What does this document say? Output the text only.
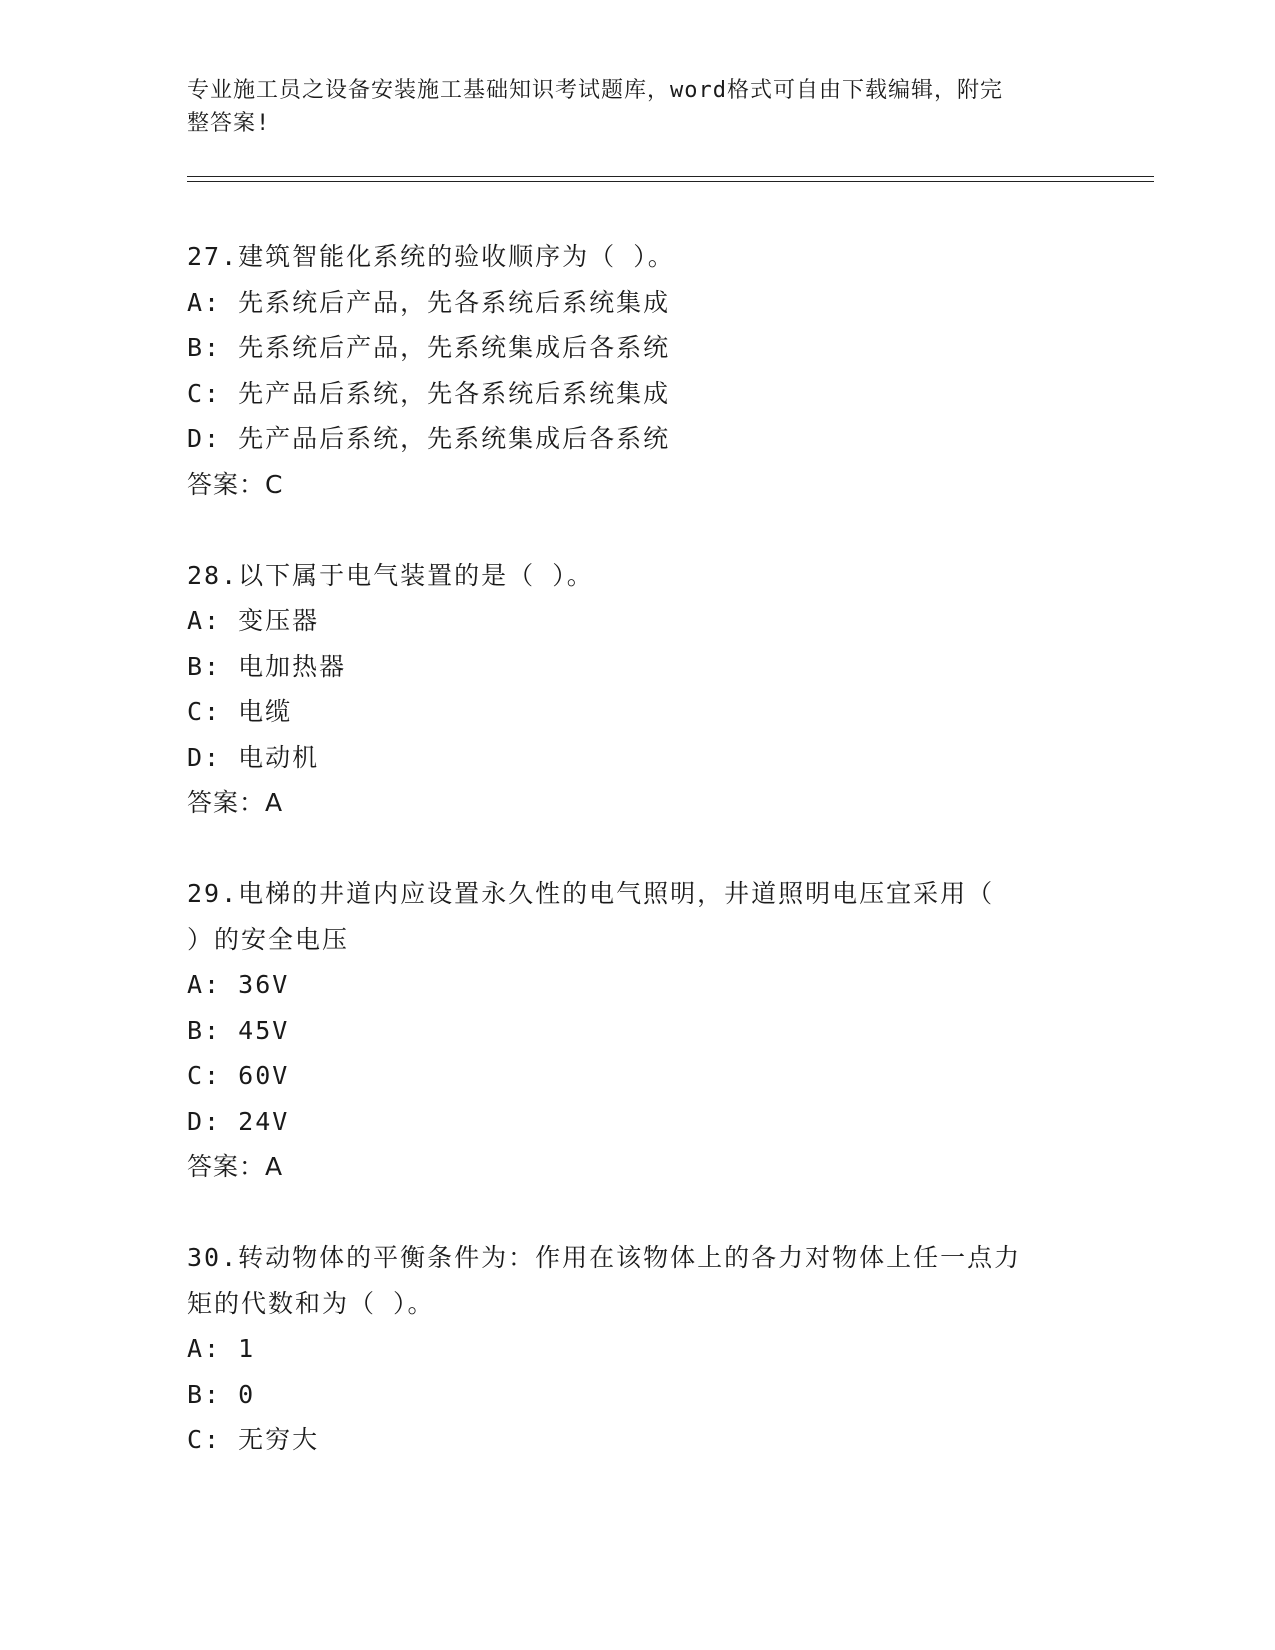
专业施工员之设备安装施工基础知识考试题库，word格式可自由下载编辑，附完
整答案!

27.建筑智能化系统的验收顺序为（ ）。

A: 先系统后产品，先各系统后系统集成

B: 先系统后产品，先系统集成后各系统

C: 先产品后系统，先各系统后系统集成

D: 先产品后系统，先系统集成后各系统

答案：C

28.以下属于电气装置的是（ ）。

A: 变压器

B: 电加热器

C: 电缆

D: 电动机

答案：A

29.电梯的井道内应设置永久性的电气照明，井道照明电压宜采用（

）的安全电压

A: 36V

B: 45V

C: 60V

D: 24V

答案：A

30.转动物体的平衡条件为：作用在该物体上的各力对物体上任一点力

矩的代数和为（ ）。

A: 1

B: 0

C: 无穷大
